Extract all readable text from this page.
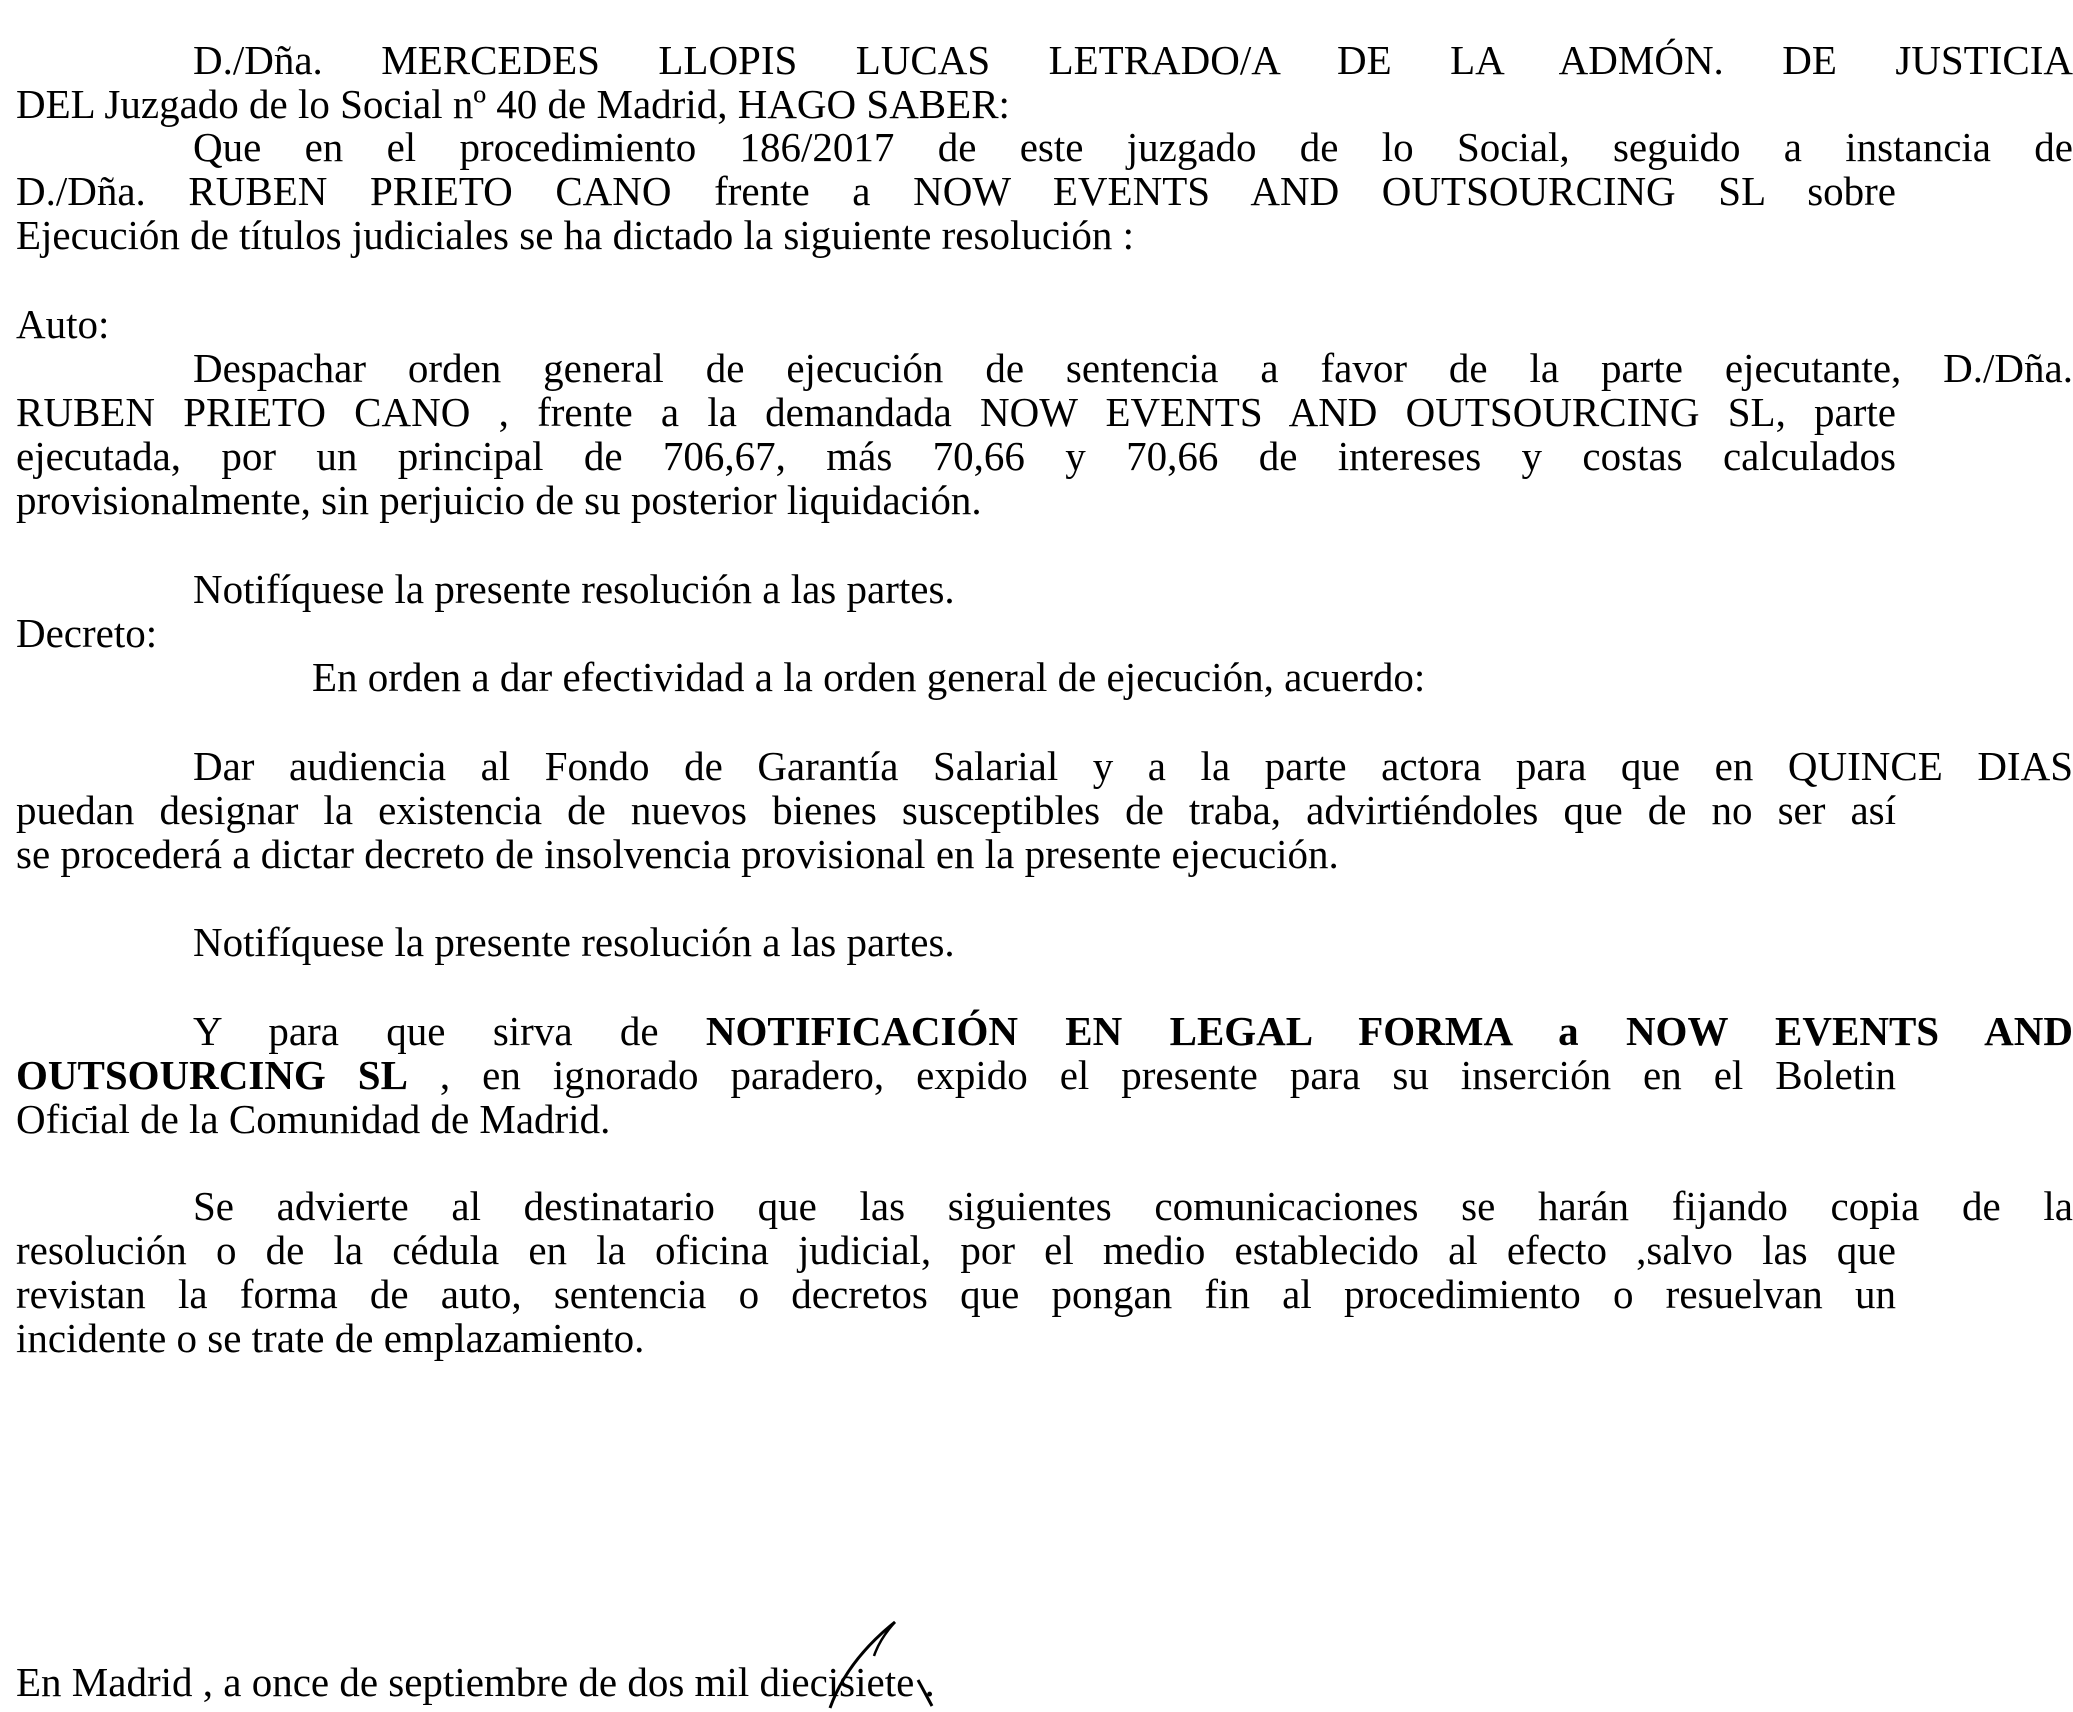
D./Dña. MERCEDES LLOPIS LUCAS LETRADO/A DE LA ADMÓN. DE JUSTICIA
DEL Juzgado de lo Social nº 40 de Madrid, HAGO SABER:
Que en el procedimiento 186/2017 de este juzgado de lo Social, seguido a instancia de
D./Dña. RUBEN PRIETO CANO frente a NOW EVENTS AND OUTSOURCING SL sobre
Ejecución de títulos judiciales se ha dictado la siguiente resolución :
Auto:
Despachar orden general de ejecución de sentencia a favor de la parte ejecutante, D./Dña.
RUBEN PRIETO CANO , frente a la demandada NOW EVENTS AND OUTSOURCING SL, parte
ejecutada, por un principal de 706,67, más 70,66 y 70,66 de intereses y costas calculados
provisionalmente, sin perjuicio de su posterior liquidación.
Notifíquese la presente resolución a las partes.
Decreto:
En orden a dar efectividad a la orden general de ejecución, acuerdo:
Dar audiencia al Fondo de Garantía Salarial y a la parte actora para que en QUINCE DIAS
puedan designar la existencia de nuevos bienes susceptibles de traba, advirtiéndoles que de no ser así
se procederá a dictar decreto de insolvencia provisional en la presente ejecución.
Notifíquese la presente resolución a las partes.
Y para que sirva de NOTIFICACIÓN EN LEGAL FORMA a NOW EVENTS AND
OUTSOURCING SL , en ignorado paradero, expido el presente para su inserción en el Boletin
Oficial de la Comunidad de Madrid.
Se advierte al destinatario que las siguientes comunicaciones se harán fijando copia de la
resolución o de la cédula en la oficina judicial, por el medio establecido al efecto ,salvo las que
revistan la forma de auto, sentencia o decretos que pongan fin al procedimiento o resuelvan un
incidente o se trate de emplazamiento.
En Madrid , a once de septiembre de dos mil diecisiete .
